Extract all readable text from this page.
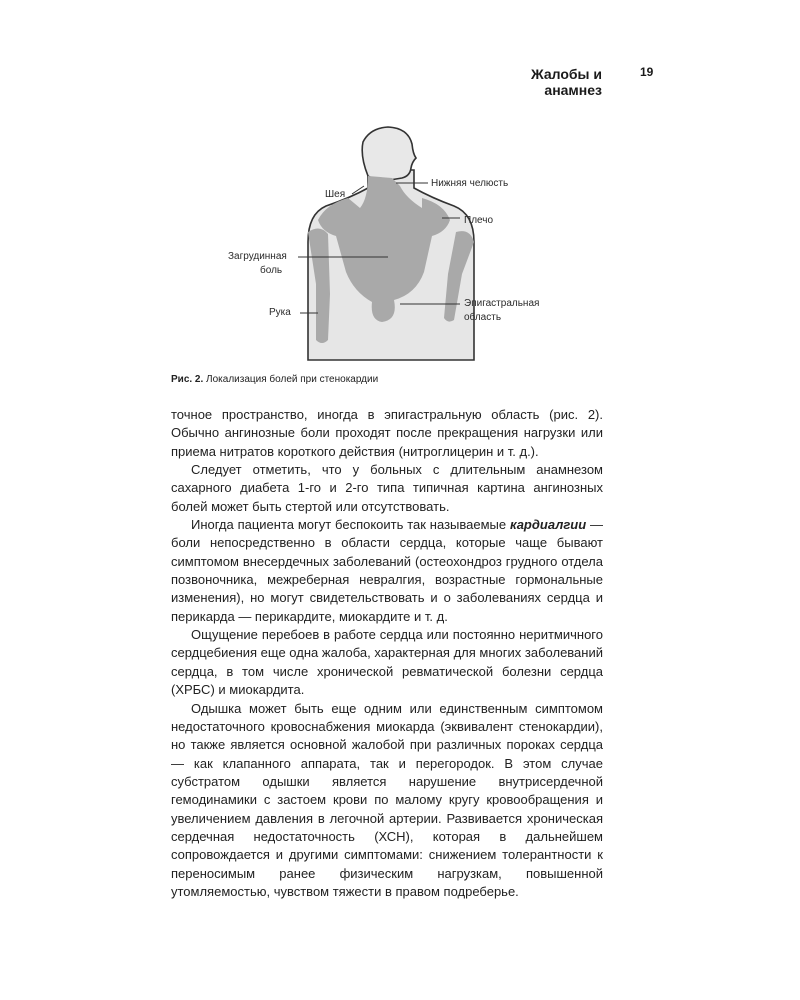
Жалобы и анамнез
19
Шея
Нижняя челюсть
Плечо
Загрудинная
боль
Рука
Эпигастральная
область
Рис. 2. Локализация болей при стенокардии

точное пространство, иногда в эпигастральную область (рис. 2). Обычно ангинозные боли проходят после прекращения нагрузки или приема нитратов короткого действия (нитроглицерин и т. д.).

Следует отметить, что у больных с длительным анамнезом сахарного диабета 1-го и 2-го типа типичная картина ангинозных болей может быть стертой или отсутствовать.

Иногда пациента могут беспокоить так называемые кардиалгии — боли непосредственно в области сердца, которые чаще бывают симптомом внесердечных заболеваний (остеохондроз грудного отдела позвоночника, межреберная невралгия, возрастные гормональные изменения), но могут свидетельствовать и о заболеваниях сердца и перикарда — перикардите, миокардите и т. д.

Ощущение перебоев в работе сердца или постоянно неритмичного сердцебиения еще одна жалоба, характерная для многих заболеваний сердца, в том числе хронической ревматической болезни сердца (ХРБС) и миокардита.

Одышка может быть еще одним или единственным симптомом недостаточного кровоснабжения миокарда (эквивалент стенокардии), но также является основной жалобой при различных пороках сердца — как клапанного аппарата, так и перегородок. В этом случае субстратом одышки является нарушение внутрисердечной гемодинамики с застоем крови по малому кругу кровообращения и увеличением давления в легочной артерии. Развивается хроническая сердечная недостаточность (ХСН), которая в дальнейшем сопровождается и другими симптомами: снижением толерантности к переносимым ранее физическим нагрузкам, повышенной утомляемостью, чувством тяжести в правом подреберье.
